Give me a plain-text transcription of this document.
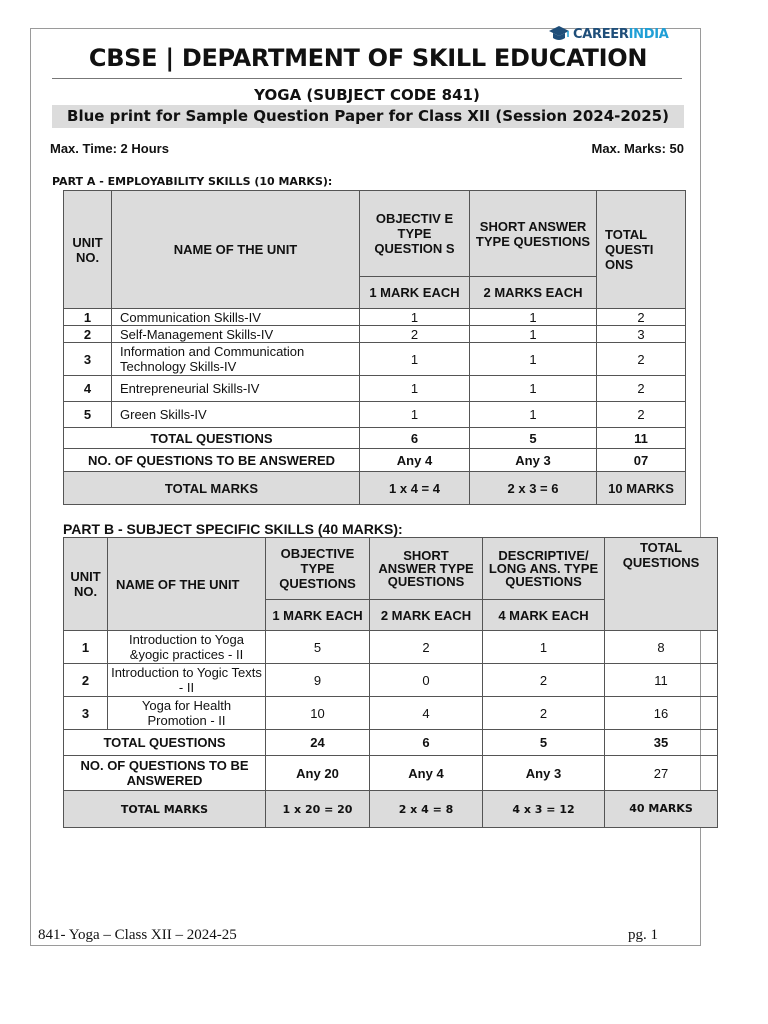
CAREERINDIA
CBSE | DEPARTMENT OF SKILL EDUCATION
YOGA (SUBJECT CODE 841)
Blue print for Sample Question Paper for Class XII (Session 2024-2025)
Max. Time: 2 Hours	Max. Marks: 50
PART A - EMPLOYABILITY SKILLS (10 MARKS):
UNIT NO.	NAME OF THE UNIT	OBJECTIV E TYPE QUESTION S	SHORT ANSWER TYPE QUESTIONS	TOTAL QUESTI ONS
		1 MARK EACH	2 MARKS EACH	
1	Communication Skills-IV	1	1	2
2	Self-Management Skills-IV	2	1	3
3	Information and Communication Technology Skills-IV	1	1	2
4	Entrepreneurial Skills-IV	1	1	2
5	Green Skills-IV	1	1	2
TOTAL QUESTIONS		6	5	11
NO. OF QUESTIONS TO BE ANSWERED		Any 4	Any 3	07
TOTAL MARKS		1 x 4 = 4	2 x 3 = 6	10 MARKS
PART B - SUBJECT SPECIFIC SKILLS (40 MARKS):
UNIT NO.	NAME OF THE UNIT	OBJECTIVE TYPE QUESTIONS	SHORT ANSWER TYPE QUESTIONS	DESCRIPTIVE/ LONG ANS. TYPE QUESTIONS	TOTAL QUESTIONS
		1 MARK EACH	2 MARK EACH	4 MARK EACH	
1	Introduction to Yoga &yogic practices - II	5	2	1	8
2	Introduction to Yogic Texts - II	9	0	2	11
3	Yoga for Health Promotion - II	10	4	2	16
TOTAL QUESTIONS		24	6	5	35
NO. OF QUESTIONS TO BE ANSWERED		Any 20	Any 4	Any 3	27
TOTAL MARKS		1 x 20 = 20	2 x 4 = 8	4 x 3 = 12	40 MARKS
841- Yoga – Class XII – 2024-25	pg. 1
